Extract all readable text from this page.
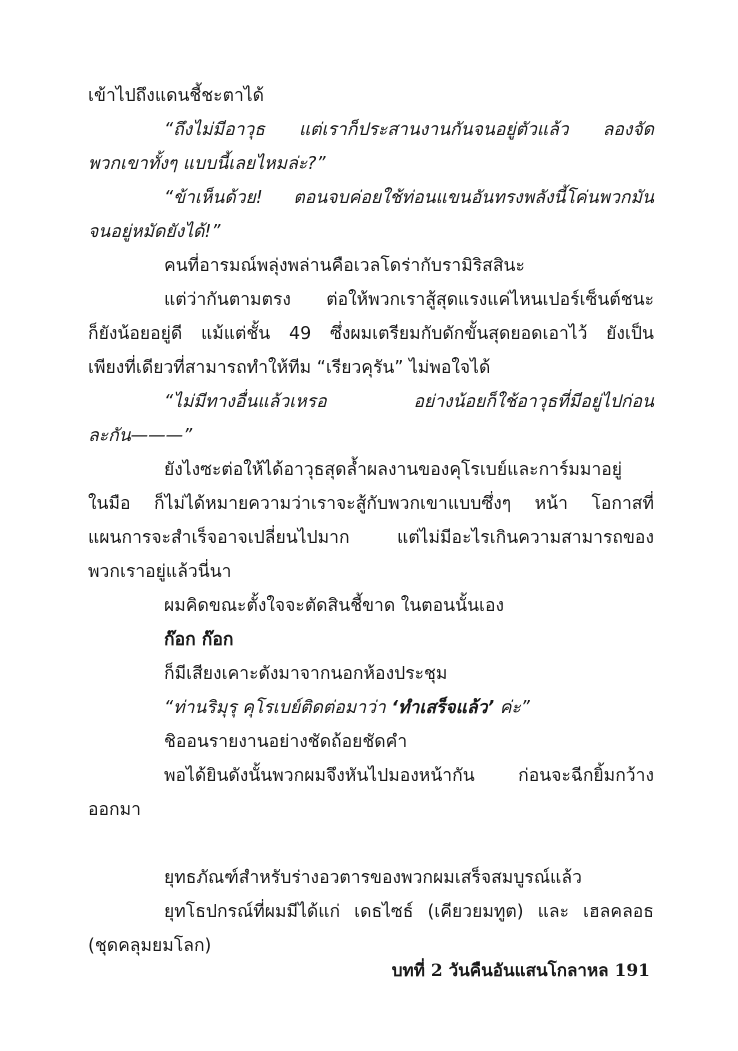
เข้าไปถึงแดนชี้ชะตาได้
“ถึงไม่มีอาวุธ แต่เราก็ประสานงานกันจนอยู่ตัวแล้ว ลองจัด
พวกเขาทั้งๆ แบบนี้เลยไหมล่ะ?”
“ข้าเห็นด้วย! ตอนจบค่อยใช้ท่อนแขนอันทรงพลังนี้โค่นพวกมัน
จนอยู่หมัดยังได้!”
คนที่อารมณ์พลุ่งพล่านคือเวลโดร่ากับรามิริสสินะ
แต่ว่ากันตามตรง ต่อให้พวกเราสู้สุดแรงแค่ไหนเปอร์เซ็นต์ชนะ
ก็ยังน้อยอยู่ดี แม้แต่ชั้น 49 ซึ่งผมเตรียมกับดักขั้นสุดยอดเอาไว้ ยังเป็น
เพียงที่เดียวที่สามารถทำให้ทีม “เรียวคุรัน” ไม่พอใจได้
“ไม่มีทางอื่นแล้วเหรอ อย่างน้อยก็ใช้อาวุธที่มีอยู่ไปก่อน
ละกัน———”
ยังไงซะต่อให้ได้อาวุธสุดล้ำผลงานของคุโรเบย์และการ์มมาอยู่
ในมือ ก็ไม่ได้หมายความว่าเราจะสู้กับพวกเขาแบบซึ่งๆ หน้า โอกาสที่
แผนการจะสำเร็จอาจเปลี่ยนไปมาก แต่ไม่มีอะไรเกินความสามารถของ
พวกเราอยู่แล้วนี่นา
ผมคิดขณะตั้งใจจะตัดสินชี้ขาด ในตอนนั้นเอง
ก๊อก ก๊อก
ก็มีเสียงเคาะดังมาจากนอกห้องประชุม
“ท่านริมุรุ คุโรเบย์ติดต่อมาว่า ‘ทำเสร็จแล้ว’ ค่ะ”
ชิออนรายงานอย่างชัดถ้อยชัดคำ
พอได้ยินดังนั้นพวกผมจึงหันไปมองหน้ากัน ก่อนจะฉีกยิ้มกว้าง
ออกมา
ยุทธภัณฑ์สำหรับร่างอวตารของพวกผมเสร็จสมบูรณ์แล้ว
ยุทโธปกรณ์ที่ผมมีได้แก่ เดธไซธ์ (เคียวยมทูต) และ เฮลคลอธ
(ชุดคลุมยมโลก)
บทที่ 2 วันคืนอันแสนโกลาหล 191
